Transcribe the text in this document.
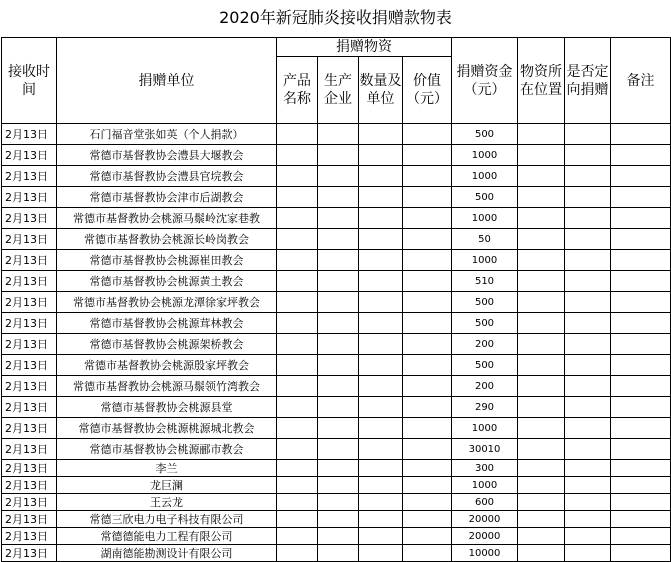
2020年新冠肺炎接收捐赠款物表
接收时间	捐赠单位	捐赠物资				捐赠资金（元）	物资所在位置	是否定向捐赠	备注
		产品名称	生产企业	数量及单位	价值（元）				
2月13日	石门福音堂张如英（个人捐款）					500			
2月13日	常德市基督教协会澧县大堰教会					1000			
2月13日	常德市基督教协会澧县官垸教会					1000			
2月13日	常德市基督教协会津市后湖教会					500			
2月13日	常德市基督教协会桃源马鬃岭沈家巷教					1000			
2月13日	常德市基督教协会桃源长岭岗教会					50			
2月13日	常德市基督教协会桃源崔田教会					1000			
2月13日	常德市基督教协会桃源黄土教会					510			
2月13日	常德市基督教协会桃源龙潭徐家坪教会					500			
2月13日	常德市基督教协会桃源茸林教会					500			
2月13日	常德市基督教协会桃源架桥教会					200			
2月13日	常德市基督教协会桃源殷家坪教会					500			
2月13日	常德市基督教协会桃源马鬃领竹湾教会					200			
2月13日	常德市基督教协会桃源县堂					290			
2月13日	常德市基督教协会桃源桃源城北教会					1000			
2月13日	常德市基督教协会桃源郦市教会					30010			
2月13日	李兰					300			
2月13日	龙巨澜					1000			
2月13日	王云龙					600			
2月13日	常德三欣电力电子科技有限公司					20000			
2月13日	常德德能电力工程有限公司					20000			
2月13日	湖南德能勘测设计有限公司					10000			
